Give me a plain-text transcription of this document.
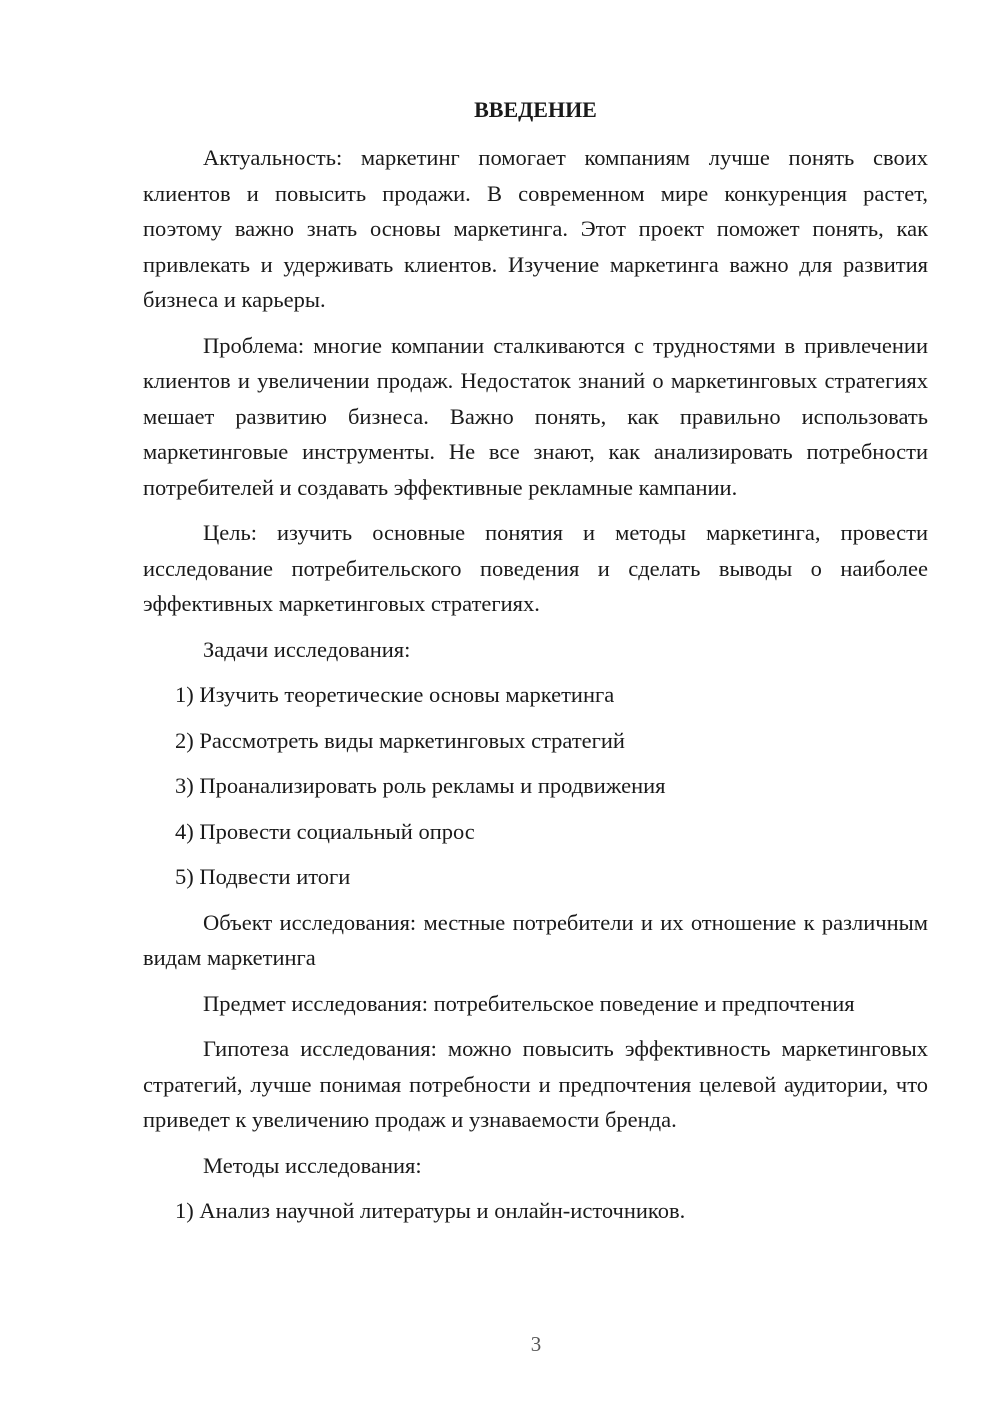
ВВЕДЕНИЕ

Актуальность: маркетинг помогает компаниям лучше понять своих клиентов и повысить продажи. В современном мире конкуренция растет, поэтому важно знать основы маркетинга. Этот проект поможет понять, как привлекать и удерживать клиентов. Изучение маркетинга важно для развития бизнеса и карьеры.

Проблема: многие компании сталкиваются с трудностями в привлечении клиентов и увеличении продаж. Недостаток знаний о маркетинговых стратегиях мешает развитию бизнеса. Важно понять, как правильно использовать маркетинговые инструменты. Не все знают, как анализировать потребности потребителей и создавать эффективные рекламные кампании.

Цель: изучить основные понятия и методы маркетинга, провести исследование потребительского поведения и сделать выводы о наиболее эффективных маркетинговых стратегиях.

Задачи исследования:

1) Изучить теоретические основы маркетинга
2) Рассмотреть виды маркетинговых стратегий
3) Проанализировать роль рекламы и продвижения
4) Провести социальный опрос
5) Подвести итоги

Объект исследования: местные потребители и их отношение к различным видам маркетинга

Предмет исследования: потребительское поведение и предпочтения

Гипотеза исследования: можно повысить эффективность маркетинговых стратегий, лучше понимая потребности и предпочтения целевой аудитории, что приведет к увеличению продаж и узнаваемости бренда.

Методы исследования:

1) Анализ научной литературы и онлайн-источников.
3
